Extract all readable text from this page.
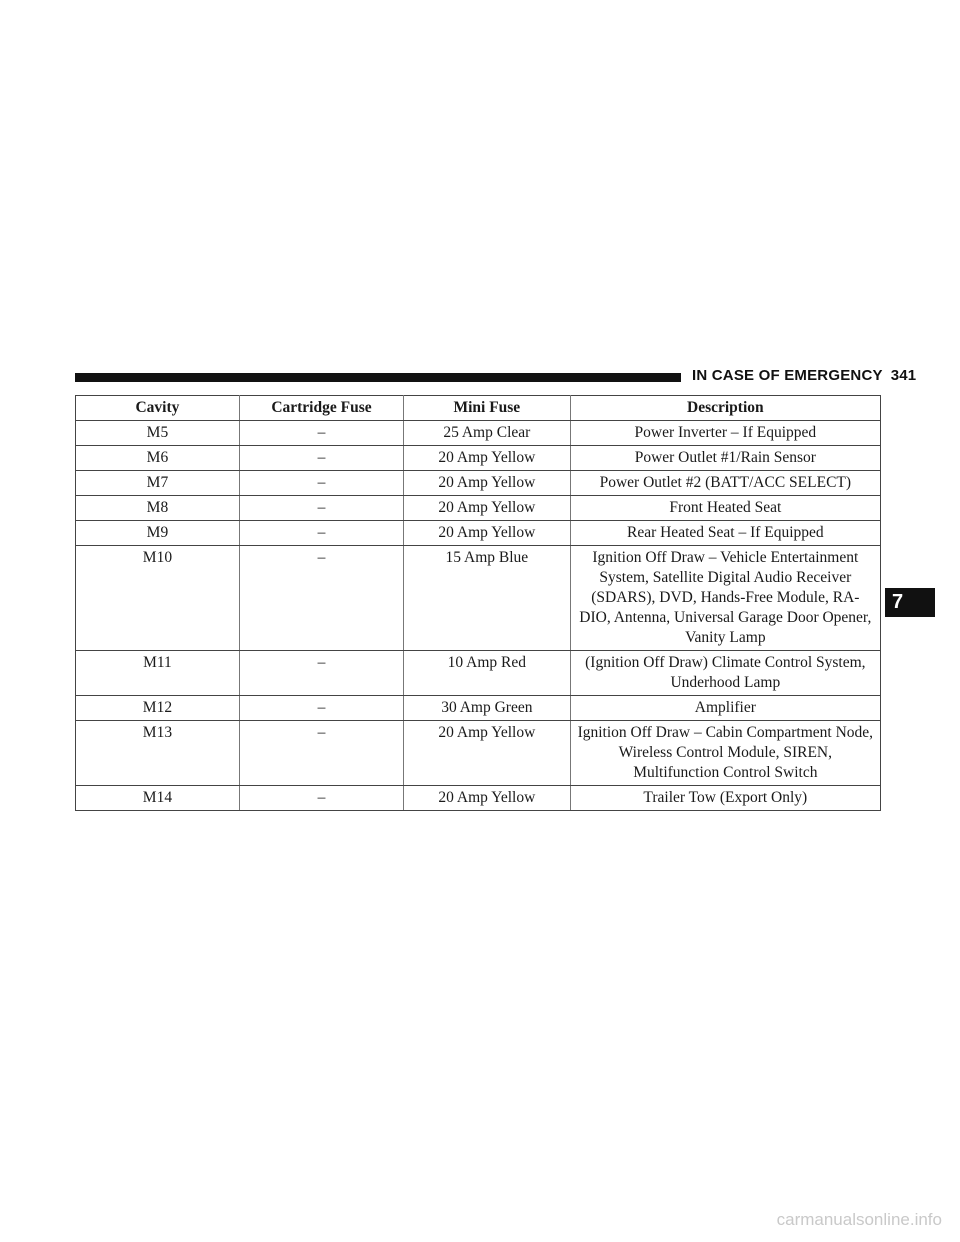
IN CASE OF EMERGENCY 341
7
Cavity	Cartridge Fuse	Mini Fuse	Description
M5	–	25 Amp Clear	Power Inverter – If Equipped
M6	–	20 Amp Yellow	Power Outlet #1/Rain Sensor
M7	–	20 Amp Yellow	Power Outlet #2 (BATT/ACC SELECT)
M8	–	20 Amp Yellow	Front Heated Seat
M9	–	20 Amp Yellow	Rear Heated Seat – If Equipped
M10	–	15 Amp Blue	Ignition Off Draw – Vehicle Entertainment System, Satellite Digital Audio Receiver (SDARS), DVD, Hands-Free Module, RA-DIO, Antenna, Universal Garage Door Opener, Vanity Lamp
M11	–	10 Amp Red	(Ignition Off Draw) Climate Control System, Underhood Lamp
M12	–	30 Amp Green	Amplifier
M13	–	20 Amp Yellow	Ignition Off Draw – Cabin Compartment Node, Wireless Control Module, SIREN, Multifunction Control Switch
M14	–	20 Amp Yellow	Trailer Tow (Export Only)
carmanualsonline.info
